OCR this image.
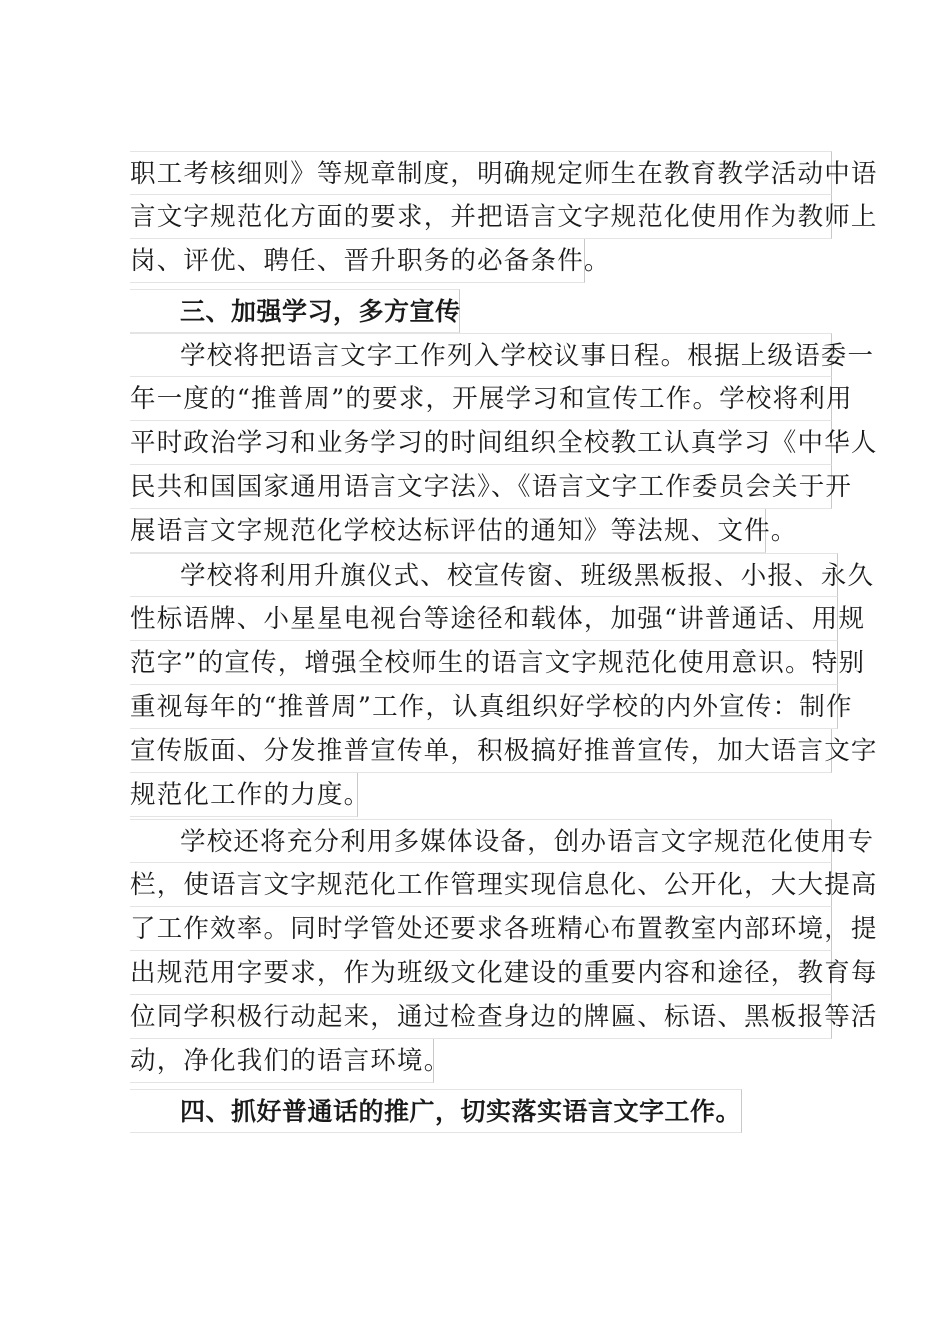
职工考核细则》等规章制度，明确规定师生在教育教学活动中语
言文字规范化方面的要求，并把语言文字规范化使用作为教师上
岗、评优、聘任、晋升职务的必备条件。
三、加强学习，多方宣传
学校将把语言文字工作列入学校议事日程。根据上级语委一
年一度的“推普周”的要求，开展学习和宣传工作。学校将利用
平时政治学习和业务学习的时间组织全校教工认真学习《中华人
民共和国国家通用语言文字法》、《语言文字工作委员会关于开
展语言文字规范化学校达标评估的通知》等法规、文件。
学校将利用升旗仪式、校宣传窗、班级黑板报、小报、永久
性标语牌、小星星电视台等途径和载体，加强“讲普通话、用规
范字”的宣传，增强全校师生的语言文字规范化使用意识。特别
重视每年的“推普周”工作，认真组织好学校的内外宣传：制作
宣传版面、分发推普宣传单，积极搞好推普宣传，加大语言文字
规范化工作的力度。
学校还将充分利用多媒体设备，创办语言文字规范化使用专
栏，使语言文字规范化工作管理实现信息化、公开化，大大提高
了工作效率。同时学管处还要求各班精心布置教室内部环境，提
出规范用字要求，作为班级文化建设的重要内容和途径，教育每
位同学积极行动起来，通过检查身边的牌匾、标语、黑板报等活
动，净化我们的语言环境。
四、抓好普通话的推广，切实落实语言文字工作。
